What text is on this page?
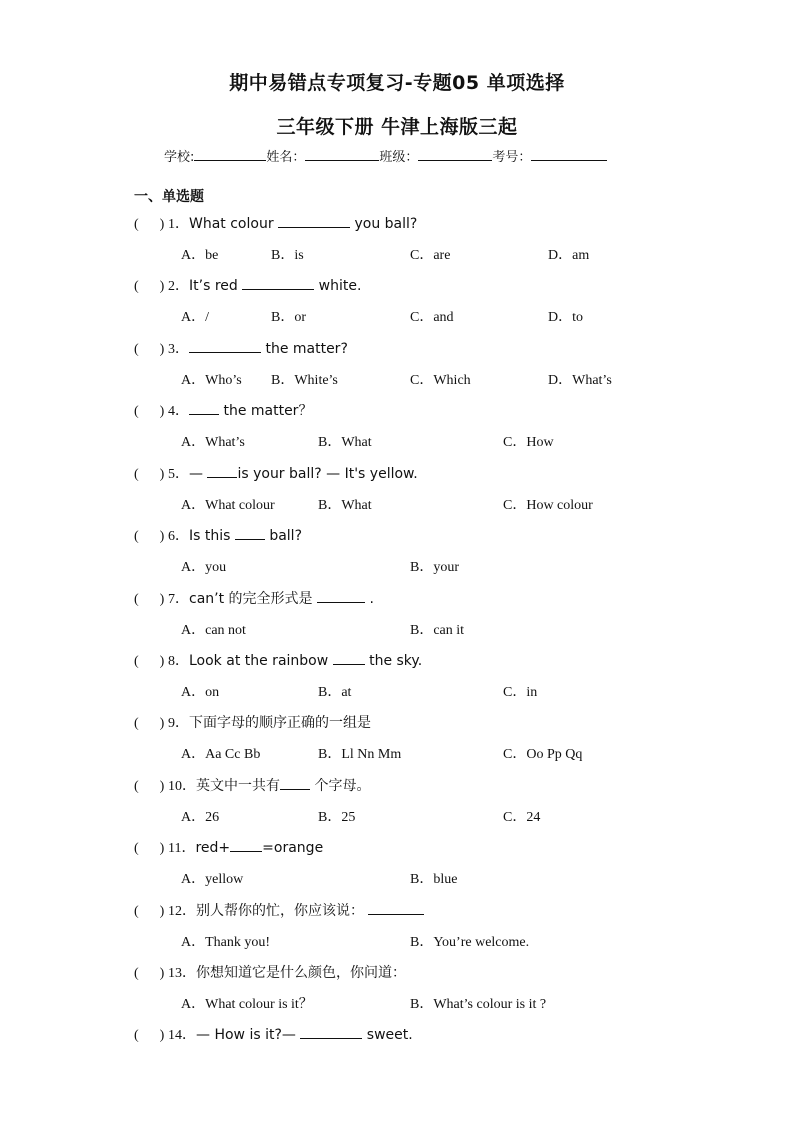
期中易错点专项复习-专题05 单项选择
三年级下册 牛津上海版三起
学校:	姓名：	班级：	考号：
一、单选题
(      ) 1．What colour	you ball?
A．be	B．is	C．are	D．am
(      ) 2．It’s red	white.
A．/	B．or	C．and	D．to
(      ) 3．	the matter?
A．Who’s B．White’s	C．Which	D．What’s
(      ) 4． the matter？
A．What’s	B．What	C．How
(      ) 5．— is your ball? — It's yellow.
A．What colour	B．What	C．How colour
(      ) 6．Is this  ball?
A．you	B．your
(      ) 7．can’t 的完全形式是	.
A．can not	B．can it
(      ) 8．Look at the rainbow  the sky.
A．on	B．at	C．in
(      ) 9．下面字母的顺序正确的一组是
A．Aa Cc Bb	B．Ll Nn Mm	C．Oo Pp Qq
(      ) 10．英文中一共有 个字母。
A．26	B．25	C．24
(      ) 11．red+ =orange
A．yellow	B．blue
(      ) 12．别人帮你的忙，你应该说：
A．Thank you!	B．You’re welcome.
(      ) 13．你想知道它是什么颜色，你问道：
A．What colour is it？	B．What’s colour is it ?
(      ) 14．— How is it?—	sweet.
